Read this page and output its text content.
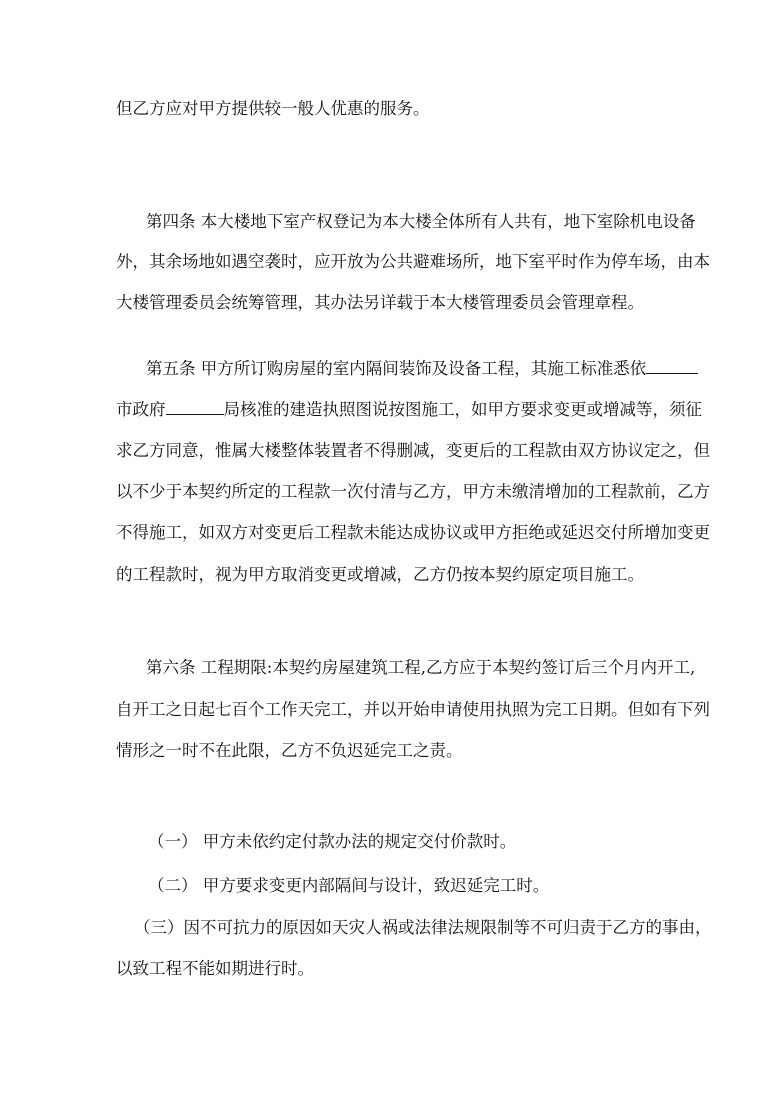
但乙方应对甲方提供较一般人优惠的服务。
第四条 本大楼地下室产权登记为本大楼全体所有人共有，地下室除机电设备
外，其余场地如遇空袭时，应开放为公共避难场所，地下室平时作为停车场，由本
大楼管理委员会统筹管理，其办法另详载于本大楼管理委员会管理章程。
第五条 甲方所订购房屋的室内隔间装饰及设备工程，其施工标准悉依
市政府	局核准的建造执照图说按图施工，如甲方要求变更或增减等，须征
求乙方同意，惟属大楼整体装置者不得删减，变更后的工程款由双方协议定之，但
以不少于本契约所定的工程款一次付清与乙方，甲方未缴清增加的工程款前，乙方
不得施工，如双方对变更后工程款未能达成协议或甲方拒绝或延迟交付所增加变更
的工程款时，视为甲方取消变更或增减，乙方仍按本契约原定项目施工。
第六条 工程期限:本契约房屋建筑工程,乙方应于本契约签订后三个月内开工,
自开工之日起七百个工作天完工，并以开始申请使用执照为完工日期。但如有下列
情形之一时不在此限，乙方不负迟延完工之责。
（一） 甲方未依约定付款办法的规定交付价款时。
（二） 甲方要求变更内部隔间与设计，致迟延完工时。
（三）因不可抗力的原因如天灾人祸或法律法规限制等不可归责于乙方的事由，
以致工程不能如期进行时。
